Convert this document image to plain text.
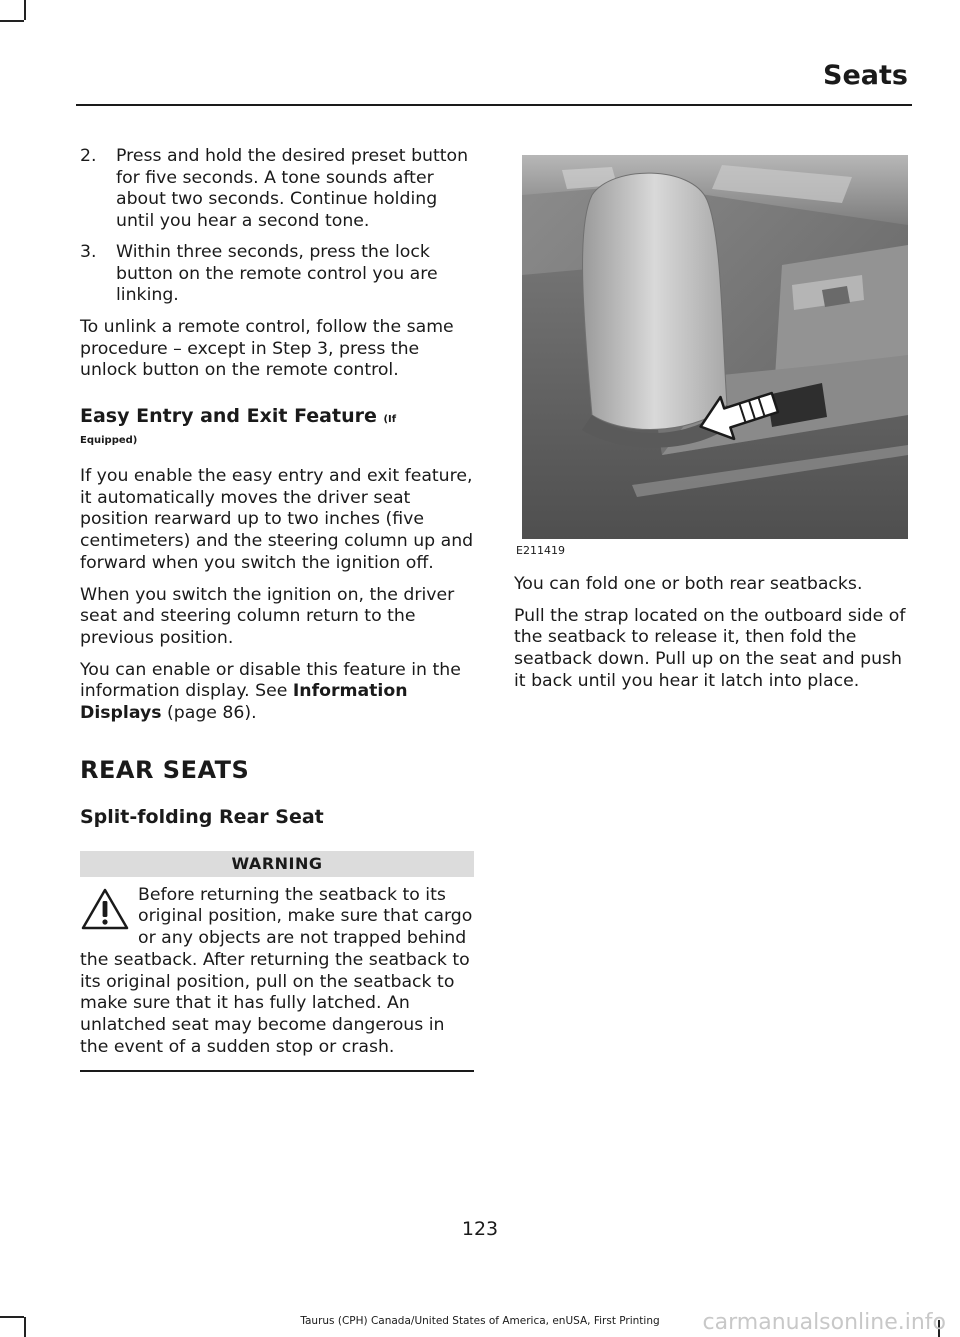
Seats
2. Press and hold the desired preset button for five seconds. A tone sounds after about two seconds. Continue holding until you hear a second tone.
3. Within three seconds, press the lock button on the remote control you are linking.

To unlink a remote control, follow the same procedure – except in Step 3, press the unlock button on the remote control.

Easy Entry and Exit Feature (If
Equipped)

If you enable the easy entry and exit feature, it automatically moves the driver seat position rearward up to two inches (five centimeters) and the steering column up and forward when you switch the ignition off.

When you switch the ignition on, the driver seat and steering column return to the previous position.

You can enable or disable this feature in the information display. See Information Displays (page 86).

REAR SEATS
Split-folding Rear Seat
WARNING
Before returning the seatback to its original position, make sure that cargo or any objects are not trapped behind the seatback. After returning the seatback to its original position, pull on the seatback to make sure that it has fully latched. An unlatched seat may become dangerous in the event of a sudden stop or crash.
E211419

You can fold one or both rear seatbacks.

Pull the strap located on the outboard side of the seatback to release it, then fold the seatback down. Pull up on the seat and push it back until you hear it latch into place.

123
Taurus (CPH) Canada/United States of America, enUSA, First Printing	carmanualsonline.info
